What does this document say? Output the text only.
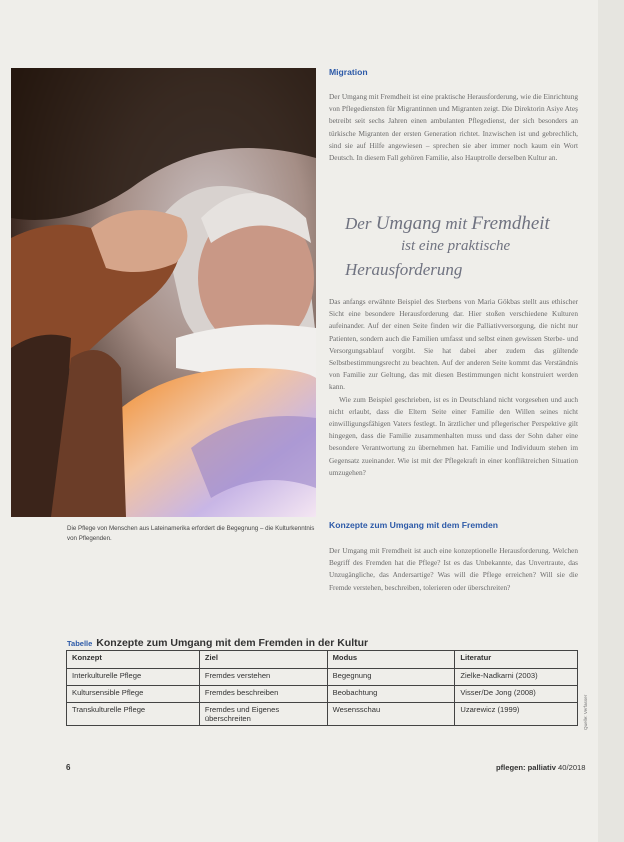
Die Pflege von Menschen aus Lateinamerika erfordert die Begegnung – die Kulturkenntnis von Pflegenden.
Migration

Der Umgang mit Fremdheit ist eine praktische Herausforderung, wie die Einrichtung von Pflegediensten für Migrantinnen und Migranten zeigt. Die Direktorin Asiye Ateş betreibt seit sechs Jahren einen ambulanten Pflegedienst, der sich besonders an türkische Migranten der ersten Generation richtet. Inzwischen ist und gebrechlich, sind sie auf Hilfe angewiesen – sprechen sie aber immer noch kaum ein Wort Deutsch. In diesem Fall gehören Familie, also Hauptrolle derselben Kultur an.

Der Umgang mit Fremdheit
ist eine praktische
Herausforderung

Das anfangs erwähnte Beispiel des Sterbens von Maria Gökbas stellt aus ethischer Sicht eine besondere Herausforderung dar. Hier stoßen verschiedene Kulturen aufeinander. Auf der einen Seite finden wir die Palliativversorgung, die nicht nur Patienten, sondern auch die Familien umfasst und selbst einen gewissen Sterbe- und Versorgungsablauf vorgibt. Sie hat dabei aber zudem das gültende Selbstbestimmungsrecht zu beachten. Auf der anderen Seite kommt das Verständnis von Familie zur Geltung, das mit diesen Bestimmungen nicht konstruiert werden kann.

Wie zum Beispiel geschrieben, ist es in Deutschland nicht vorgesehen und auch nicht erlaubt, dass die Eltern Seite einer Familie den Willen seines nicht einwilligungsfähigen Vaters festlegt. In ärztlicher und pflegerischer Perspektive gilt hingegen, dass die Familie zusammenhalten muss und dass der Sohn daher eine besondere Verantwortung zu übernehmen hat. Familie und Individuum stehen im Gegensatz zueinander. Wie ist mit der Pflegekraft in einer konfliktreichen Situation umzugehen?

Konzepte zum Umgang mit dem Fremden

Der Umgang mit Fremdheit ist auch eine konzeptionelle Herausforderung. Welchen Begriff des Fremden hat die Pflege? Ist es das Unbekannte, das Unvertraute, das Unzugängliche, das Andersartige? Was will die Pflege erreichen? Will sie die Fremde verstehen, beschreiben, tolerieren oder überschreiten?

Tabelle Konzepte zum Umgang mit dem Fremden in der Kultur
Konzept	Ziel	Modus	Literatur
Interkulturelle Pflege	Fremdes verstehen	Begegnung	Zielke-Nadkarni (2003)
Kultursensible Pflege	Fremdes beschreiben	Beobachtung	Visser/De Jong (2008)
Transkulturelle Pflege	Fremdes und Eigenes überschreiten	Wesensschau	Uzarewicz (1999)	Quelle: Verfasser
6	pflegen: palliativ 40/2018
